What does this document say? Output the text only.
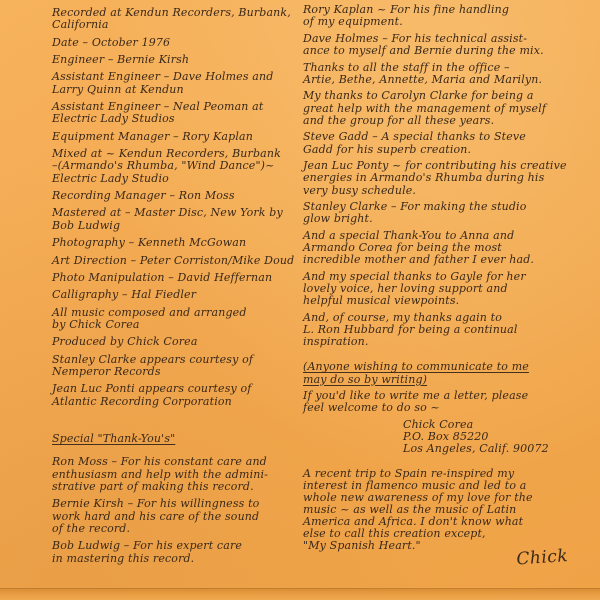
Recorded at Kendun Recorders, Burbank,
California
Date – October 1976
Engineer – Bernie Kirsh
Assistant Engineer – Dave Holmes and
Larry Quinn at Kendun
Assistant Engineer – Neal Peoman at
Electric Lady Studios
Equipment Manager – Rory Kaplan
Mixed at ~ Kendun Recorders, Burbank
–(Armando's Rhumba, "Wind Dance")~
Electric Lady Studio
Recording Manager – Ron Moss
Mastered at – Master Disc, New York by
Bob Ludwig
Photography – Kenneth McGowan
Art Direction – Peter Corriston/Mike Doud
Photo Manipulation – David Heffernan
Calligraphy – Hal Fiedler
All music composed and arranged
by Chick Corea
Produced by Chick Corea
Stanley Clarke appears courtesy of
Nemperor Records
Jean Luc Ponti appears courtesy of
Atlantic Recording Corporation
Special "Thank-You's"
Ron Moss – For his constant care and
enthusiasm and help with the admini-
strative part of making this record.
Bernie Kirsh – For his willingness to
work hard and his care of the sound
of the record.
Bob Ludwig – For his expert care
in mastering this record.
Rory Kaplan ~ For his fine handling
of my equipment.
Dave Holmes – For his technical assist-
ance to myself and Bernie during the mix.
Thanks to all the staff in the office –
Artie, Bethe, Annette, Maria and Marilyn.
My thanks to Carolyn Clarke for being a
great help with the management of myself
and the group for all these years.
Steve Gadd – A special thanks to Steve
Gadd for his superb creation.
Jean Luc Ponty ~ for contributing his creative
energies in Armando's Rhumba during his
very busy schedule.
Stanley Clarke – For making the studio
glow bright.
And a special Thank-You to Anna and
Armando Corea for being the most
incredible mother and father I ever had.
And my special thanks to Gayle for her
lovely voice, her loving support and
helpful musical viewpoints.
And, of course, my thanks again to
L. Ron Hubbard for being a continual
inspiration.
(Anyone wishing to communicate to me
may do so by writing)
If you'd like to write me a letter, please
feel welcome to do so ~
Chick Corea
P.O. Box 85220
Los Angeles, Calif. 90072
A recent trip to Spain re-inspired my
interest in flamenco music and led to a
whole new awareness of my love for the
music ~ as well as the music of Latin
America and Africa. I don't know what
else to call this creation except,
"My Spanish Heart."
Chick
